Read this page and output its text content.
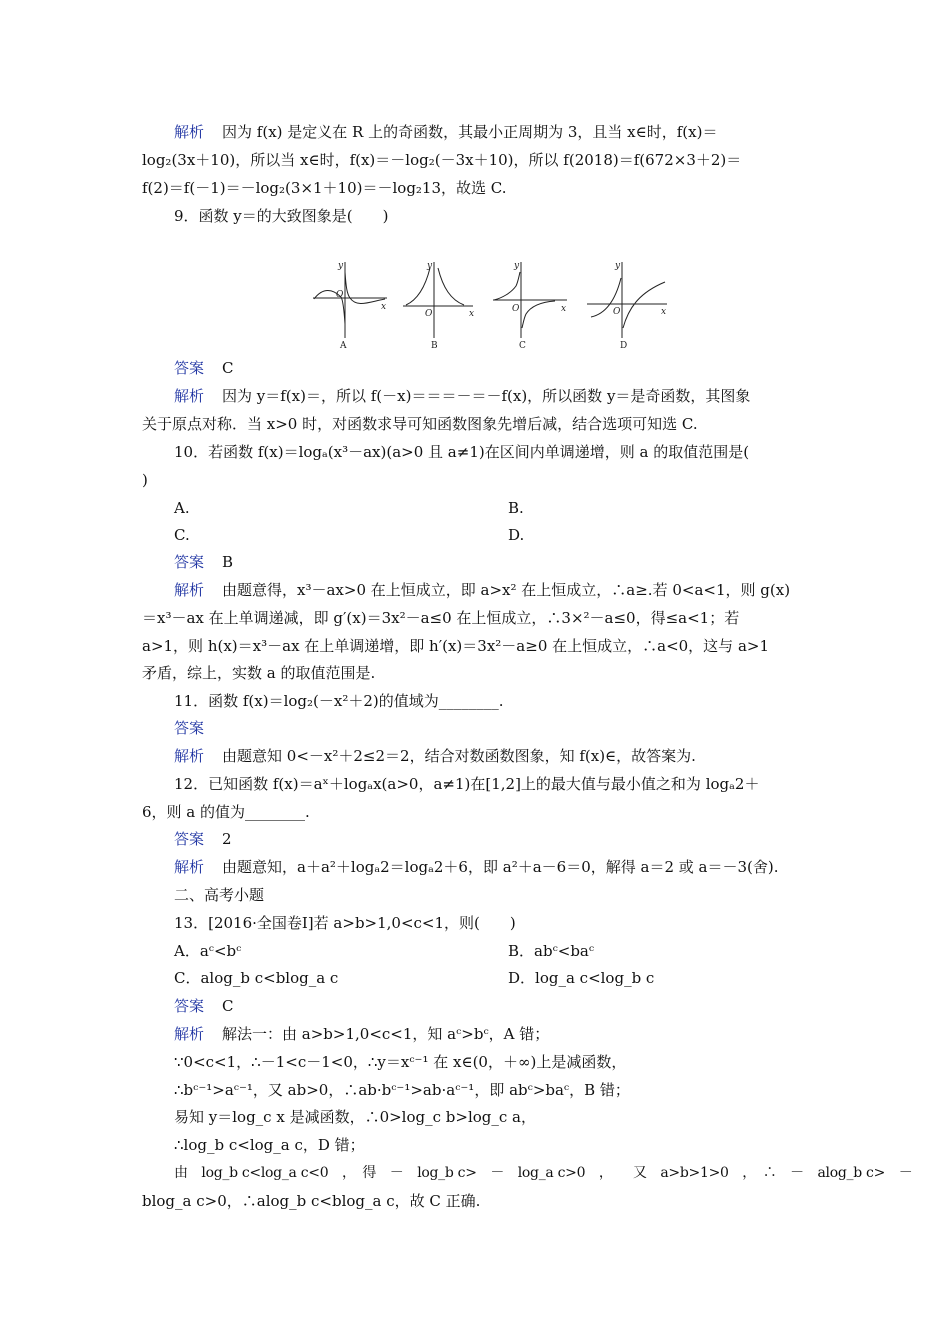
解析 因为 f(x) 是定义在 R 上的奇函数，其最小正周期为 3，且当 x∈时，f(x)＝
log₂(3x＋10)，所以当 x∈时，f(x)＝－log₂(－3x＋10)，所以 f(2018)＝f(672×3＋2)＝
f(2)＝f(－1)＝－log₂(3×1＋10)＝－log₂13，故选 C.
9．函数 y＝的大致图象是(　　)
y
x
O
y
x
O
y
x
O
y
x
O
A	B	C	D
答案 C
解析 因为 y＝f(x)＝，所以 f(－x)＝＝＝－＝－f(x)，所以函数 y＝是奇函数，其图象
关于原点对称．当 x>0 时，对函数求导可知函数图象先增后减，结合选项可知选 C.
10．若函数 f(x)＝logₐ(x³－ax)(a>0 且 a≠1)在区间内单调递增，则 a 的取值范围是(
)
A.	B.
C.	D.
答案 B
解析 由题意得，x³－ax>0 在上恒成立，即 a>x² 在上恒成立，∴a≥.若 0<a<1，则 g(x)
＝x³－ax 在上单调递减，即 g′(x)＝3x²－a≤0 在上恒成立，∴3×²－a≤0，得≤a<1；若
a>1，则 h(x)＝x³－ax 在上单调递增，即 h′(x)＝3x²－a≥0 在上恒成立，∴a<0，这与 a>1
矛盾，综上，实数 a 的取值范围是.
11．函数 f(x)＝log₂(－x²＋2)的值域为________.
答案
解析 由题意知 0<－x²＋2≤2＝2，结合对数函数图象，知 f(x)∈，故答案为.
12．已知函数 f(x)＝aˣ＋logₐx(a>0，a≠1)在[1,2]上的最大值与最小值之和为 logₐ2＋
6，则 a 的值为________.
答案 2
解析 由题意知，a＋a²＋logₐ2＝logₐ2＋6，即 a²＋a－6＝0，解得 a＝2 或 a＝－3(舍).
二、高考小题
13．[2016·全国卷Ⅰ]若 a>b>1,0<c<1，则(　　)
A．aᶜ<bᶜ	B．abᶜ<baᶜ
C．alog_b c<blog_a c	D．log_a c<log_b c
答案 C
解析 解法一：由 a>b>1,0<c<1，知 aᶜ>bᶜ，A 错；
∵0<c<1，∴－1<c－1<0，∴y＝xᶜ⁻¹ 在 x∈(0，＋∞)上是减函数，
∴bᶜ⁻¹>aᶜ⁻¹，又 ab>0，∴ab·bᶜ⁻¹>ab·aᶜ⁻¹，即 abᶜ>baᶜ，B 错；
易知 y＝log_c x 是减函数，∴0>log_c b>log_c a，
∴log_b c<log_a c，D 错；
由　log_b c<log_a c<0　，　得　－　log_b c>　－　log_a c>0　，　　又　a>b>1>0　，　∴　－　alog_b c>　－
blog_a c>0，∴alog_b c<blog_a c，故 C 正确.
